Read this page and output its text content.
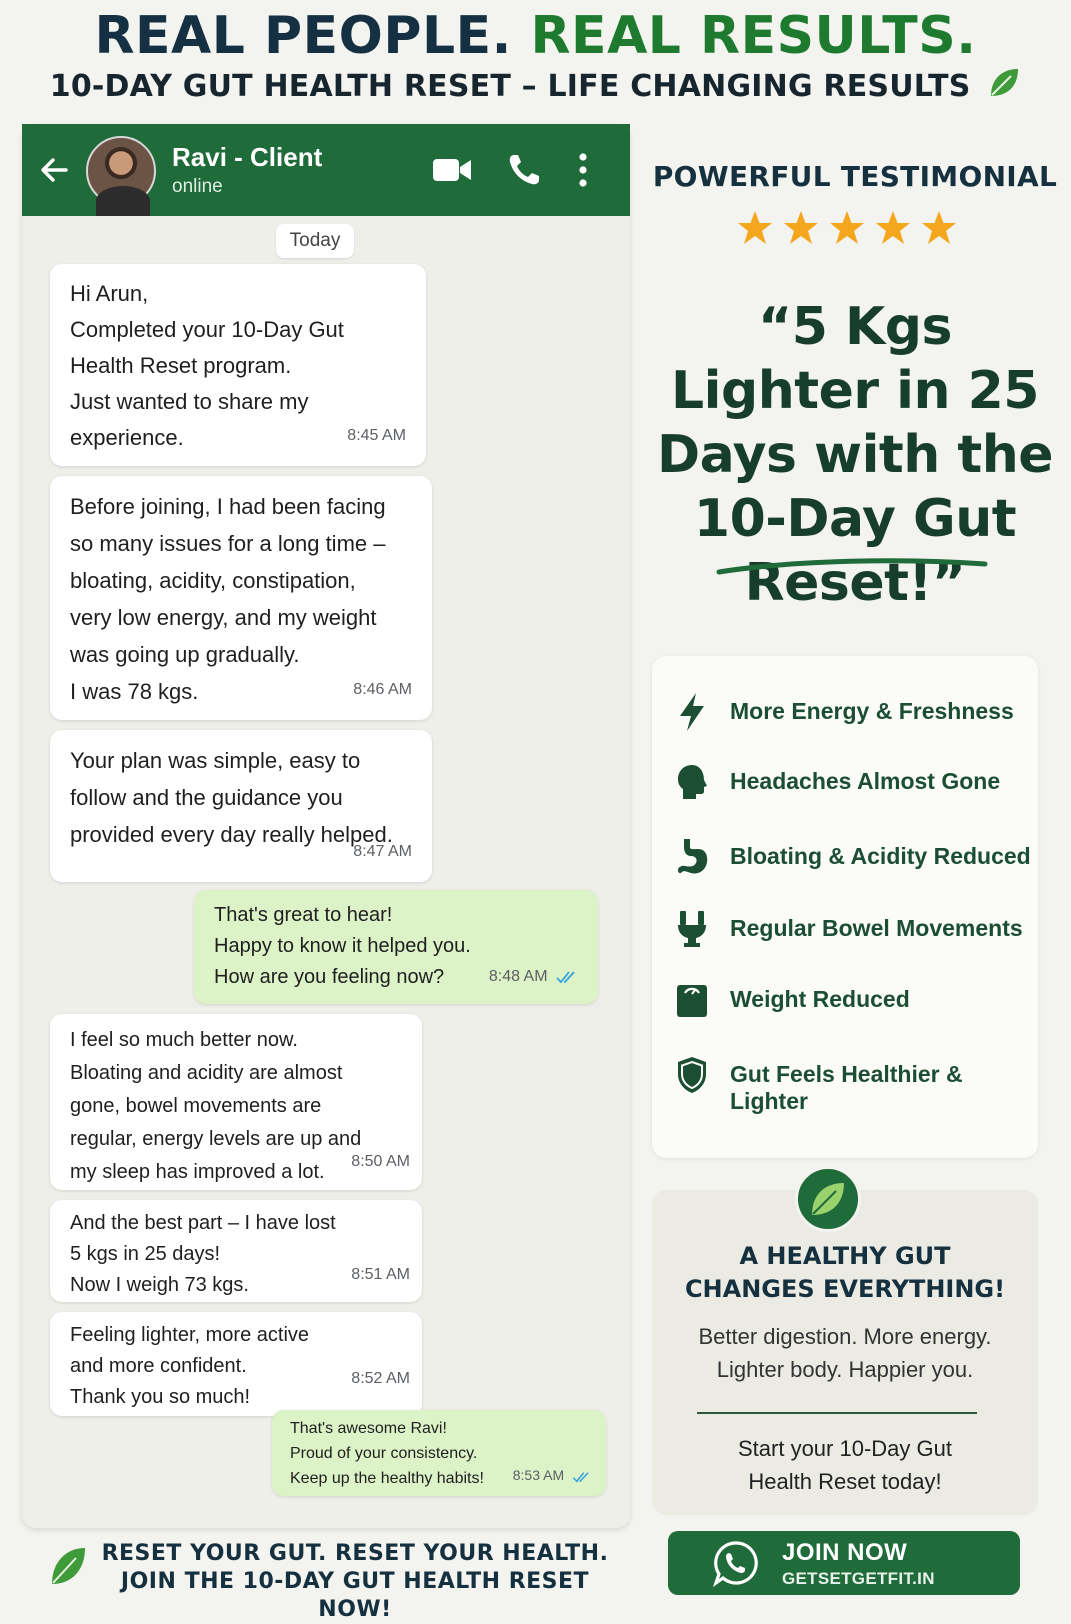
REAL PEOPLE. REAL RESULTS.
10-DAY GUT HEALTH RESET – LIFE CHANGING RESULTS
Ravi - Client
online
Today
Hi Arun,
Completed your 10-Day Gut
Health Reset program.
Just wanted to share my
experience.	8:45 AM
Before joining, I had been facing
so many issues for a long time –
bloating, acidity, constipation,
very low energy, and my weight
was going up gradually.
I was 78 kgs.	8:46 AM
Your plan was simple, easy to
follow and the guidance you
provided every day really helped.
8:47 AM
That's great to hear!
Happy to know it helped you.
How are you feeling now?	8:48 AM
I feel so much better now.
Bloating and acidity are almost
gone, bowel movements are
regular, energy levels are up and
my sleep has improved a lot.	8:50 AM
And the best part – I have lost
5 kgs in 25 days!
Now I weigh 73 kgs.	8:51 AM
Feeling lighter, more active
and more confident.
Thank you so much!
8:52 AM
That's awesome Ravi!
Proud of your consistency.
Keep up the healthy habits!	8:53 AM
POWERFUL TESTIMONIAL
“5 Kgs Lighter in 25 Days with the 10-Day Gut Reset!”
More Energy & Freshness
Headaches Almost Gone
Bloating & Acidity Reduced
Regular Bowel Movements
Weight Reduced
Gut Feels Healthier & Lighter
A HEALTHY GUT
CHANGES EVERYTHING!
Better digestion. More energy.
Lighter body. Happier you.
Start your 10-Day Gut
Health Reset today!
RESET YOUR GUT. RESET YOUR HEALTH.
JOIN THE 10-DAY GUT HEALTH RESET NOW!
JOIN NOW
GETSETGETFIT.IN
